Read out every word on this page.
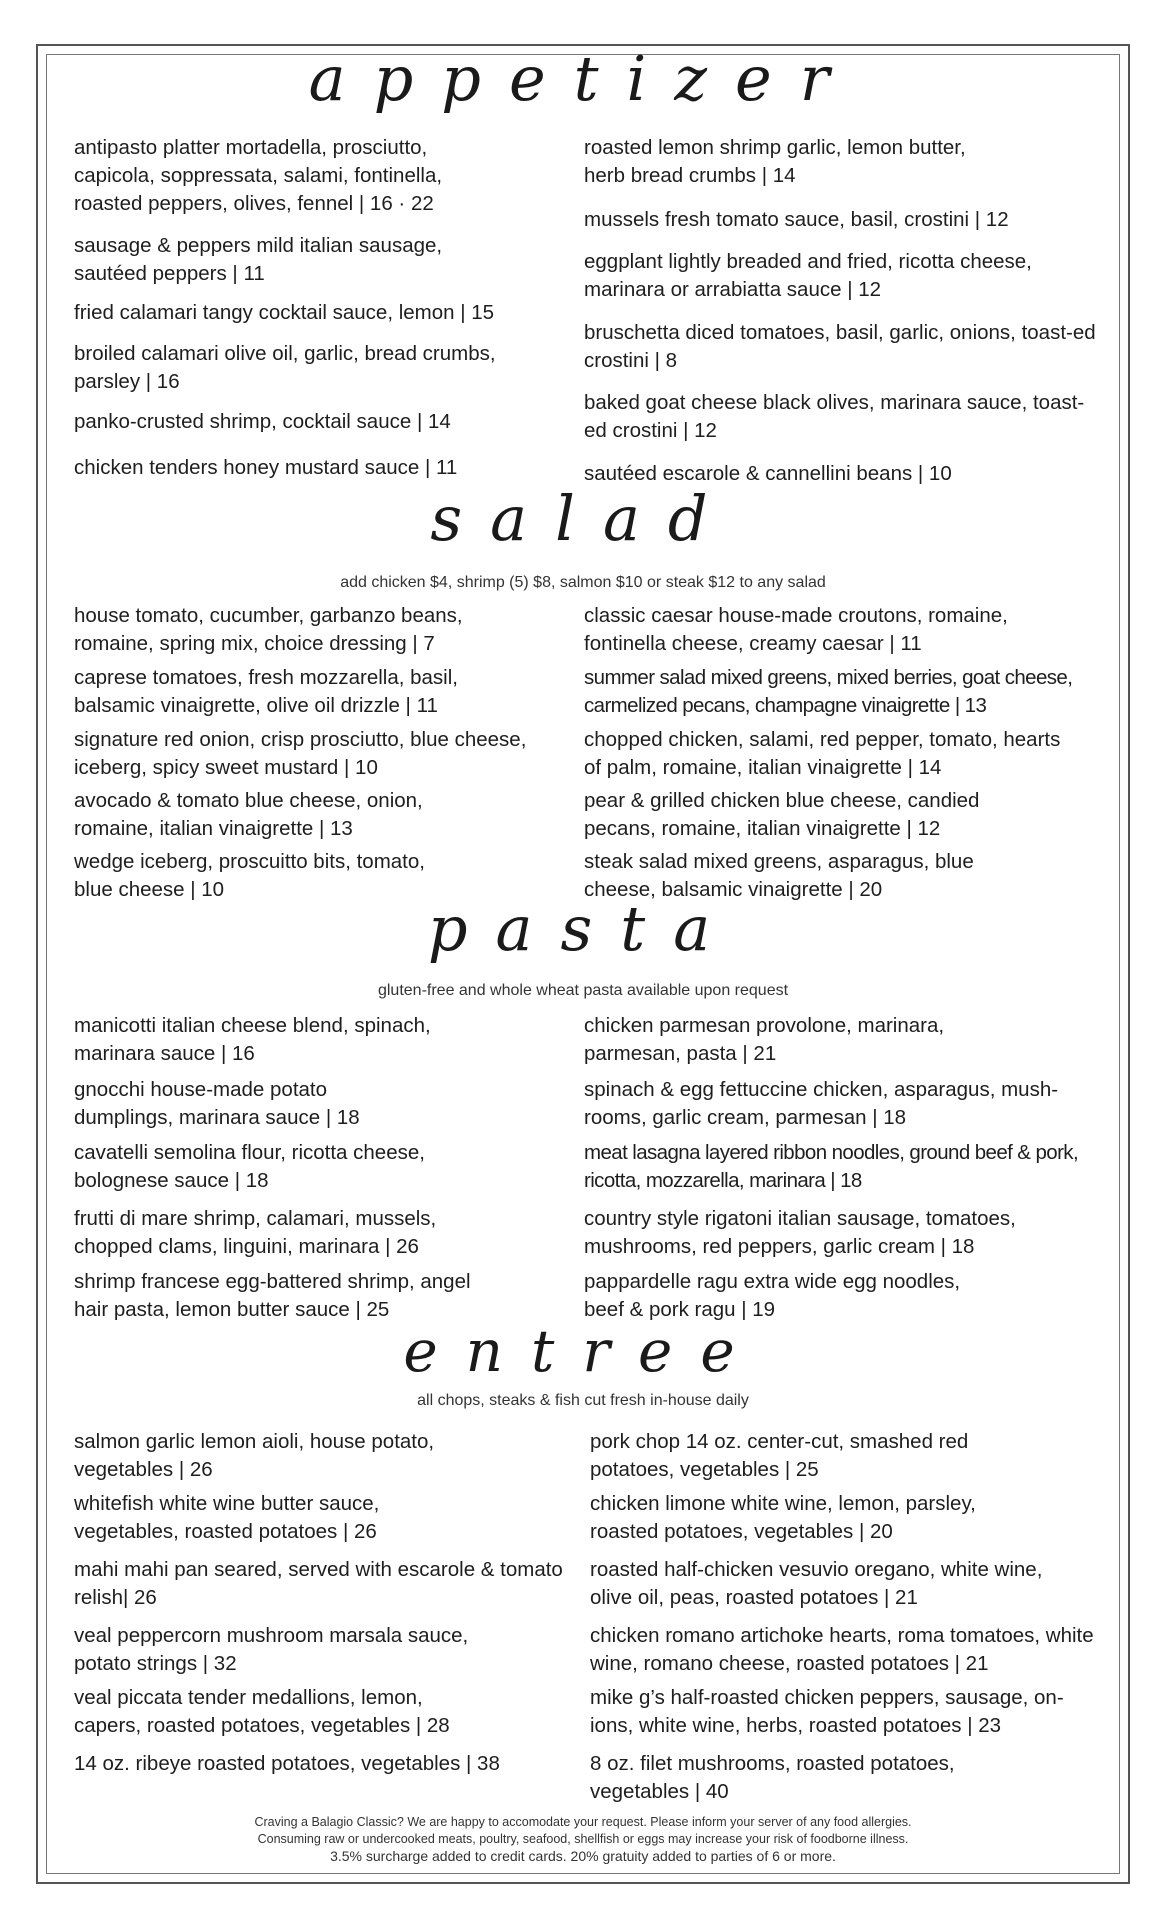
appetizer
antipasto platter mortadella, prosciutto, capicola, soppressata, salami, fontinella, roasted peppers, olives, fennel | 16 · 22
sausage & peppers mild italian sausage, sautéed peppers | 11
fried calamari tangy cocktail sauce, lemon | 15
broiled calamari olive oil, garlic, bread crumbs, parsley | 16
panko-crusted shrimp, cocktail sauce | 14
chicken tenders honey mustard sauce | 11
roasted lemon shrimp garlic, lemon butter, herb bread crumbs | 14
mussels fresh tomato sauce, basil, crostini | 12
eggplant lightly breaded and fried, ricotta cheese, marinara or arrabiatta sauce | 12
bruschetta diced tomatoes, basil, garlic, onions, toast-ed crostini | 8
baked goat cheese black olives, marinara sauce, toast-ed crostini | 12
sautéed escarole & cannellini beans | 10
salad
add chicken $4, shrimp (5) $8, salmon $10 or steak $12 to any salad
house tomato, cucumber, garbanzo beans, romaine, spring mix, choice dressing | 7
caprese tomatoes, fresh mozzarella, basil, balsamic vinaigrette, olive oil drizzle | 11
signature red onion, crisp prosciutto, blue cheese, iceberg, spicy sweet mustard | 10
avocado & tomato blue cheese, onion, romaine, italian vinaigrette | 13
wedge iceberg, proscuitto bits, tomato, blue cheese | 10
classic caesar house-made croutons, romaine, fontinella cheese, creamy caesar | 11
summer salad mixed greens, mixed berries, goat cheese, carmelized pecans, champagne vinaigrette | 13
chopped chicken, salami, red pepper, tomato, hearts of palm, romaine, italian vinaigrette | 14
pear & grilled chicken blue cheese, candied pecans, romaine, italian vinaigrette | 12
steak salad mixed greens, asparagus, blue cheese, balsamic vinaigrette | 20
pasta
gluten-free and whole wheat pasta available upon request
manicotti italian cheese blend, spinach, marinara sauce | 16
gnocchi house-made potato dumplings, marinara sauce | 18
cavatelli semolina flour, ricotta cheese, bolognese sauce | 18
frutti di mare shrimp, calamari, mussels, chopped clams, linguini, marinara | 26
shrimp francese egg-battered shrimp, angel hair pasta, lemon butter sauce | 25
chicken parmesan provolone, marinara, parmesan, pasta | 21
spinach & egg fettuccine chicken, asparagus, mush-rooms, garlic cream, parmesan | 18
meat lasagna layered ribbon noodles, ground beef & pork, ricotta, mozzarella, marinara | 18
country style rigatoni italian sausage, tomatoes, mushrooms, red peppers, garlic cream | 18
pappardelle ragu extra wide egg noodles, beef & pork ragu | 19
entree
all chops, steaks & fish cut fresh in-house daily
salmon garlic lemon aioli, house potato, vegetables | 26
whitefish white wine butter sauce, vegetables, roasted potatoes | 26
mahi mahi pan seared, served with escarole & tomato relish| 26
veal peppercorn mushroom marsala sauce, potato strings | 32
veal piccata tender medallions, lemon, capers, roasted potatoes, vegetables | 28
14 oz. ribeye roasted potatoes, vegetables | 38
pork chop 14 oz. center-cut, smashed red potatoes, vegetables | 25
chicken limone white wine, lemon, parsley, roasted potatoes, vegetables | 20
roasted half-chicken vesuvio oregano, white wine, olive oil, peas, roasted potatoes | 21
chicken romano artichoke hearts, roma tomatoes, white wine, romano cheese, roasted potatoes | 21
mike g’s half-roasted chicken peppers, sausage, on-ions, white wine, herbs, roasted potatoes | 23
8 oz. filet mushrooms, roasted potatoes, vegetables | 40
Craving a Balagio Classic? We are happy to accomodate your request. Please inform your server of any food allergies.
Consuming raw or undercooked meats, poultry, seafood, shellfish or eggs may increase your risk of foodborne illness.
3.5% surcharge added to credit cards. 20% gratuity added to parties of 6 or more.
